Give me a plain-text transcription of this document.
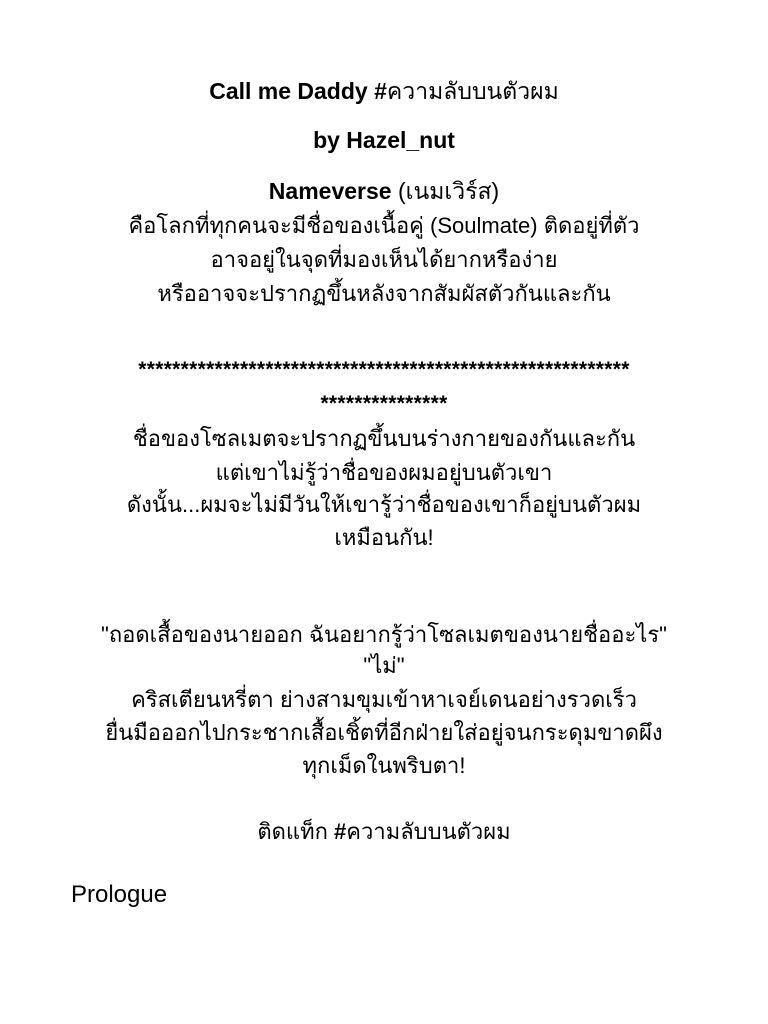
Call me Daddy #ความลับบนตัวผม
by Hazel_nut
Nameverse (เนมเวิร์ส)
คือโลกที่ทุกคนจะมีชื่อของเนื้อคู่ (Soulmate) ติดอยู่ที่ตัว
อาจอยู่ในจุดที่มองเห็นได้ยากหรือง่าย
หรืออาจจะปรากฏขึ้นหลังจากสัมผัสตัวกันและกัน
**********************************************************
***************
ชื่อของโซลเมตจะปรากฏขึ้นบนร่างกายของกันและกัน
แต่เขาไม่รู้ว่าชื่อของผมอยู่บนตัวเขา
ดังนั้น...ผมจะไม่มีวันให้เขารู้ว่าชื่อของเขาก็อยู่บนตัวผม
เหมือนกัน!
"ถอดเสื้อของนายออก ฉันอยากรู้ว่าโซลเมตของนายชื่ออะไร"
"ไม่"
คริสเตียนหรี่ตา ย่างสามขุมเข้าหาเจย์เดนอย่างรวดเร็ว
ยื่นมือออกไปกระชากเสื้อเชิ้ตที่อีกฝ่ายใส่อยู่จนกระดุมขาดผึง
ทุกเม็ดในพริบตา!
ติดแท็ก #ความลับบนตัวผม
Prologue
